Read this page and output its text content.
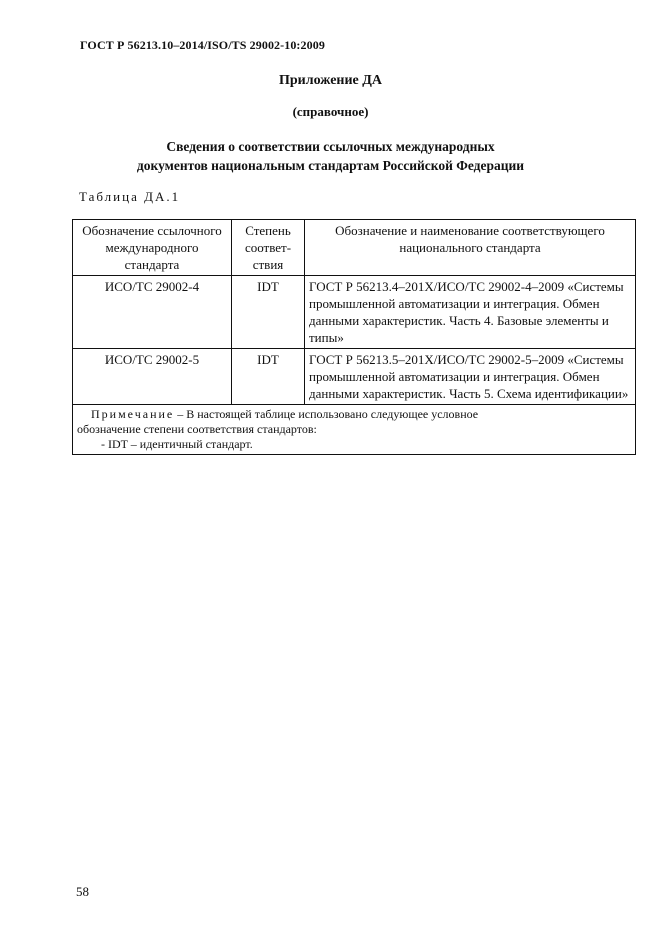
ГОСТ Р 56213.10–2014/ISO/TS 29002-10:2009
Приложение ДА
(справочное)
Сведения о соответствии ссылочных международных
документов национальным стандартам Российской Федерации
Таблица ДА.1
Обозначение ссылочного международного стандарта	Степень соответ-ствия	Обозначение и наименование соответствующего национального стандарта
ИСО/ТС 29002-4	IDT	ГОСТ Р 56213.4–201Х/ИСО/ТС 29002-4–2009 «Системы промышленной автоматизации и интеграция. Обмен данными характеристик. Часть 4. Базовые элементы и типы»
ИСО/ТС 29002-5	IDT	ГОСТ Р 56213.5–201Х/ИСО/ТС 29002-5–2009 «Системы промышленной автоматизации и интеграция. Обмен данными характеристик. Часть 5. Схема идентификации»

Примечание – В настоящей таблице использовано следующее условное
обозначение степени соответствия стандартов:
- IDT – идентичный стандарт.		
58
